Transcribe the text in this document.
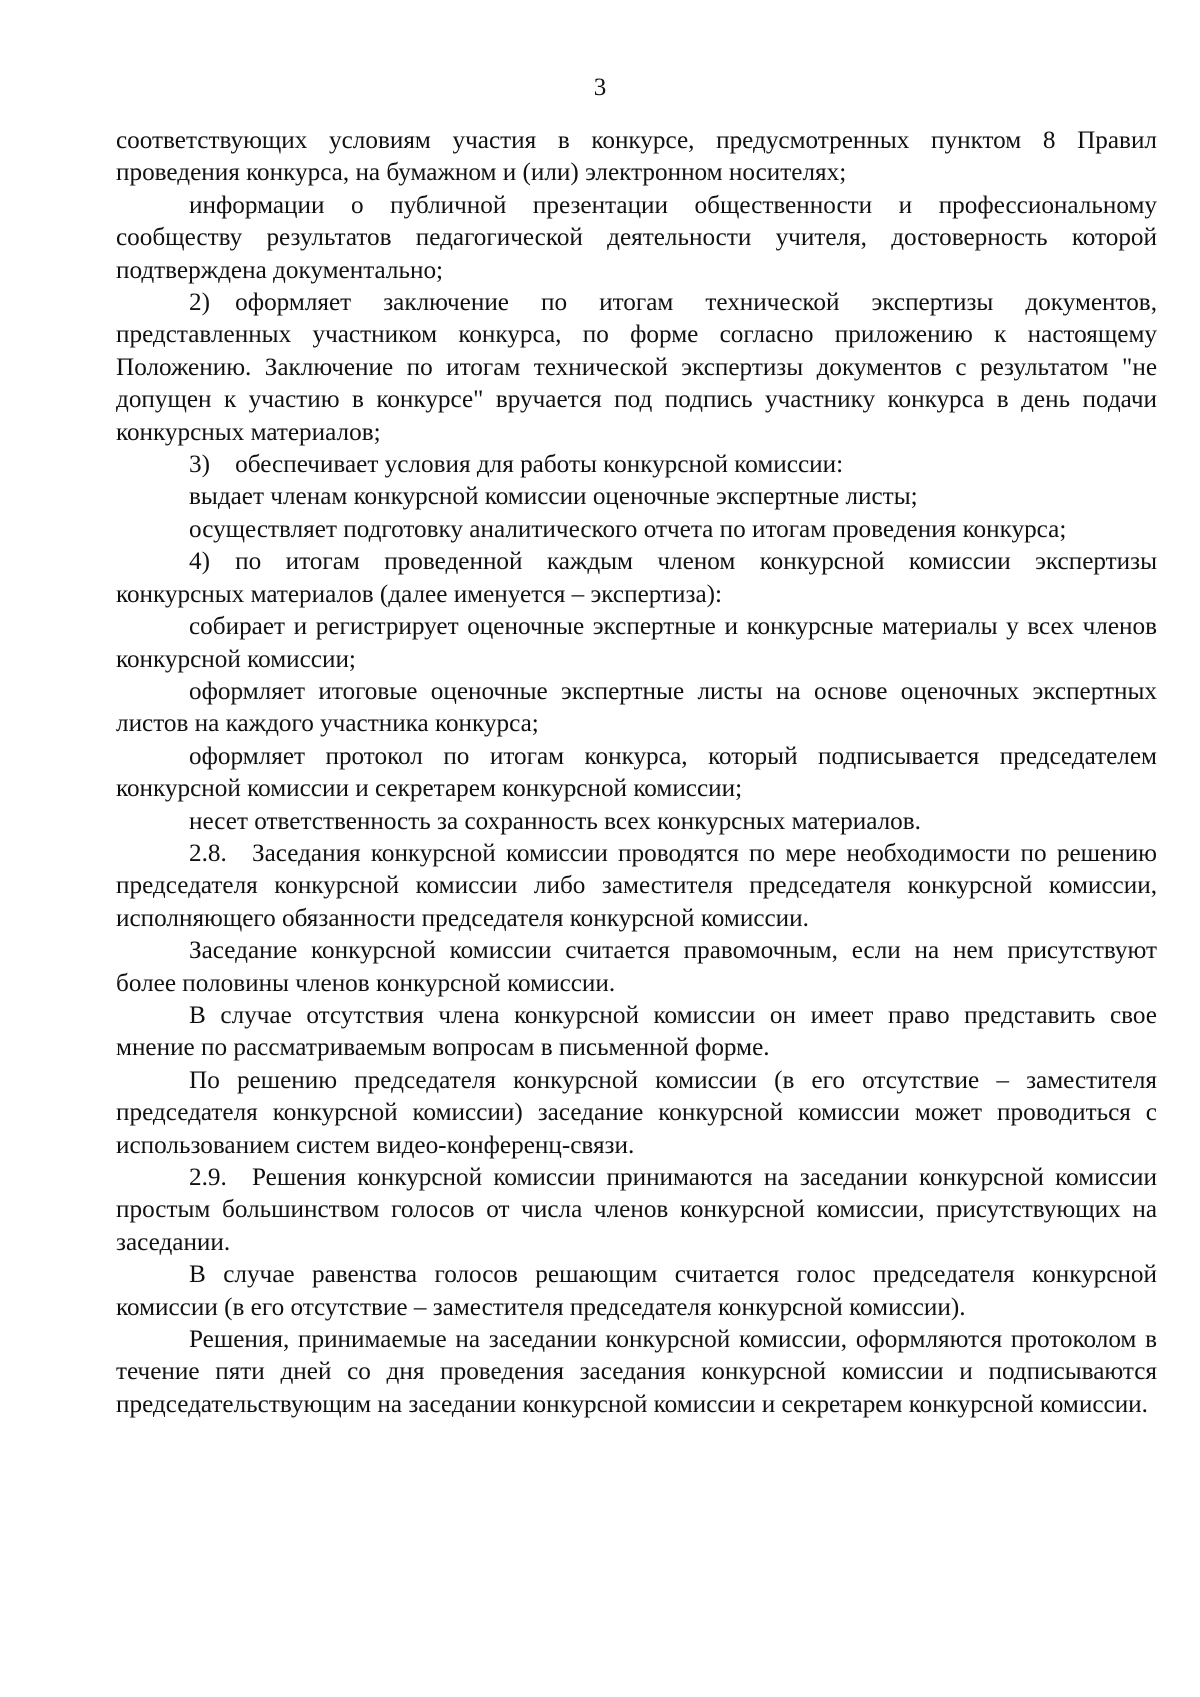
3

соответствующих условиям участия в конкурсе, предусмотренных пунктом 8 Правил проведения конкурса, на бумажном и (или) электронном носителях;

информации о публичной презентации общественности и профессиональному сообществу результатов педагогической деятельности учителя, достоверность которой подтверждена документально;

2) оформляет заключение по итогам технической экспертизы документов, представленных участником конкурса, по форме согласно приложению к настоящему Положению. Заключение по итогам технической экспертизы документов с результатом "не допущен к участию в конкурсе" вручается под подпись участнику конкурса в день подачи конкурсных материалов;

3) обеспечивает условия для работы конкурсной комиссии:

выдает членам конкурсной комиссии оценочные экспертные листы;

осуществляет подготовку аналитического отчета по итогам проведения конкурса;

4) по итогам проведенной каждым членом конкурсной комиссии экспертизы конкурсных материалов (далее именуется – экспертиза):

собирает и регистрирует оценочные экспертные и конкурсные материалы у всех членов конкурсной комиссии;

оформляет итоговые оценочные экспертные листы на основе оценочных экспертных листов на каждого участника конкурса;

оформляет протокол по итогам конкурса, который подписывается председателем конкурсной комиссии и секретарем конкурсной комиссии;

несет ответственность за сохранность всех конкурсных материалов.

2.8. Заседания конкурсной комиссии проводятся по мере необходимости по решению председателя конкурсной комиссии либо заместителя председателя конкурсной комиссии, исполняющего обязанности председателя конкурсной комиссии.

Заседание конкурсной комиссии считается правомочным, если на нем присутствуют более половины членов конкурсной комиссии.

В случае отсутствия члена конкурсной комиссии он имеет право представить свое мнение по рассматриваемым вопросам в письменной форме.

По решению председателя конкурсной комиссии (в его отсутствие – заместителя председателя конкурсной комиссии) заседание конкурсной комиссии может проводиться с использованием систем видео-конференц-связи.

2.9. Решения конкурсной комиссии принимаются на заседании конкурсной комиссии простым большинством голосов от числа членов конкурсной комиссии, присутствующих на заседании.

В случае равенства голосов решающим считается голос председателя конкурсной комиссии (в его отсутствие – заместителя председателя конкурсной комиссии).

Решения, принимаемые на заседании конкурсной комиссии, оформляются протоколом в течение пяти дней со дня проведения заседания конкурсной комиссии и подписываются председательствующим на заседании конкурсной комиссии и секретарем конкурсной комиссии.
